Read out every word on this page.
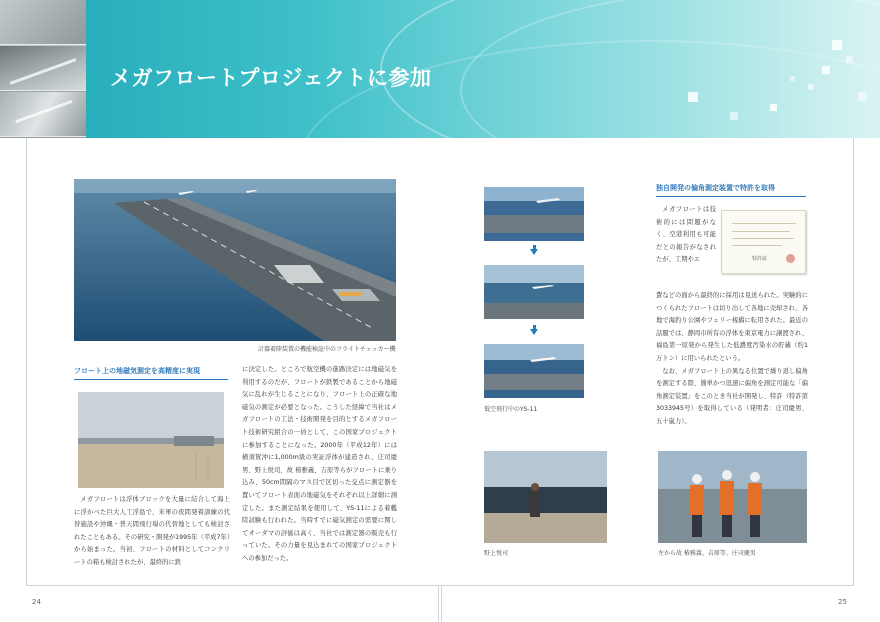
メガフロートプロジェクトに参加
24	25
計器着陸装置の機能検証中のフライトチェッカー機
フロート上の地磁気測定を高精度に実現

メガフロートは浮体ブロックを大量に結合して海上に浮かべた巨大人工浮島で、米軍の夜間発着訓練の代替施設や沖縄・普天間飛行場の代替地としても検討されたこともある。その研究・開発が1995年（平成7年）から始まった。当初、フロートの材料としてコンクリートの箱も検討されたが、最終的に鉄

に決定した。ところで航空機の進路決定には地磁気を利用するのだが、フロートが鉄製であることから地磁気に乱れが生じることになり、フロート上の正確な地磁気の測定が必要となった。こうした経緯で当社はメガフロートの工法・技術開発を目的とするメガフロート技術研究組合の一員として、この国家プロジェクトに参加することになった。2000年（平成12年）には横須賀沖に1,000m級の実証浮体が建造され、庄司慶男、野上悦司、故 椿雅義、吉原等らがフロートに乗り込み、50cm間隔のマス目で区切った交点に測定器を置いてフロート表面の地磁気をそれぞれ以上詳細に測定した。また測定結果を使用して、YS-11による着艦陸試験も行われた。当時すでに磁気測定の需要に関してオーダマの評価は高く、当社では測定器の販売も行っていた。その力量を見込まれての国家プロジェクトへの参加だった。

低空飛行中のYS-11
独自開発の偏角測定装置で特許を取得

メガフロートは技術的には問題がなく、空港利用も可能だとの報告がなされたが、工期やエ	特許証

費などの面から最終的に採用は見送られた。実験的につくられたフロートは切り出して各地に売却され、各地で海釣り公園やフェリー桟橋に転用された。最近の話題では、静岡市所有の浮体を東京電力に譲渡され、福島第一原発から発生した低濃度汚染水の貯蔵（約1万トン）に用いられたという。

なお、メガフロート上の異なる位置で繰り返し偏角を測定する際、簡単かつ迅速に偏角を測定可能な「偏角測定装置」をこのとき当社が開発し、特許（特許第3033945号）を取得している（発明者：庄司慶男、五十嵐力）。

野上悦司	左から故 椿雅義、吉原等、庄司慶男
